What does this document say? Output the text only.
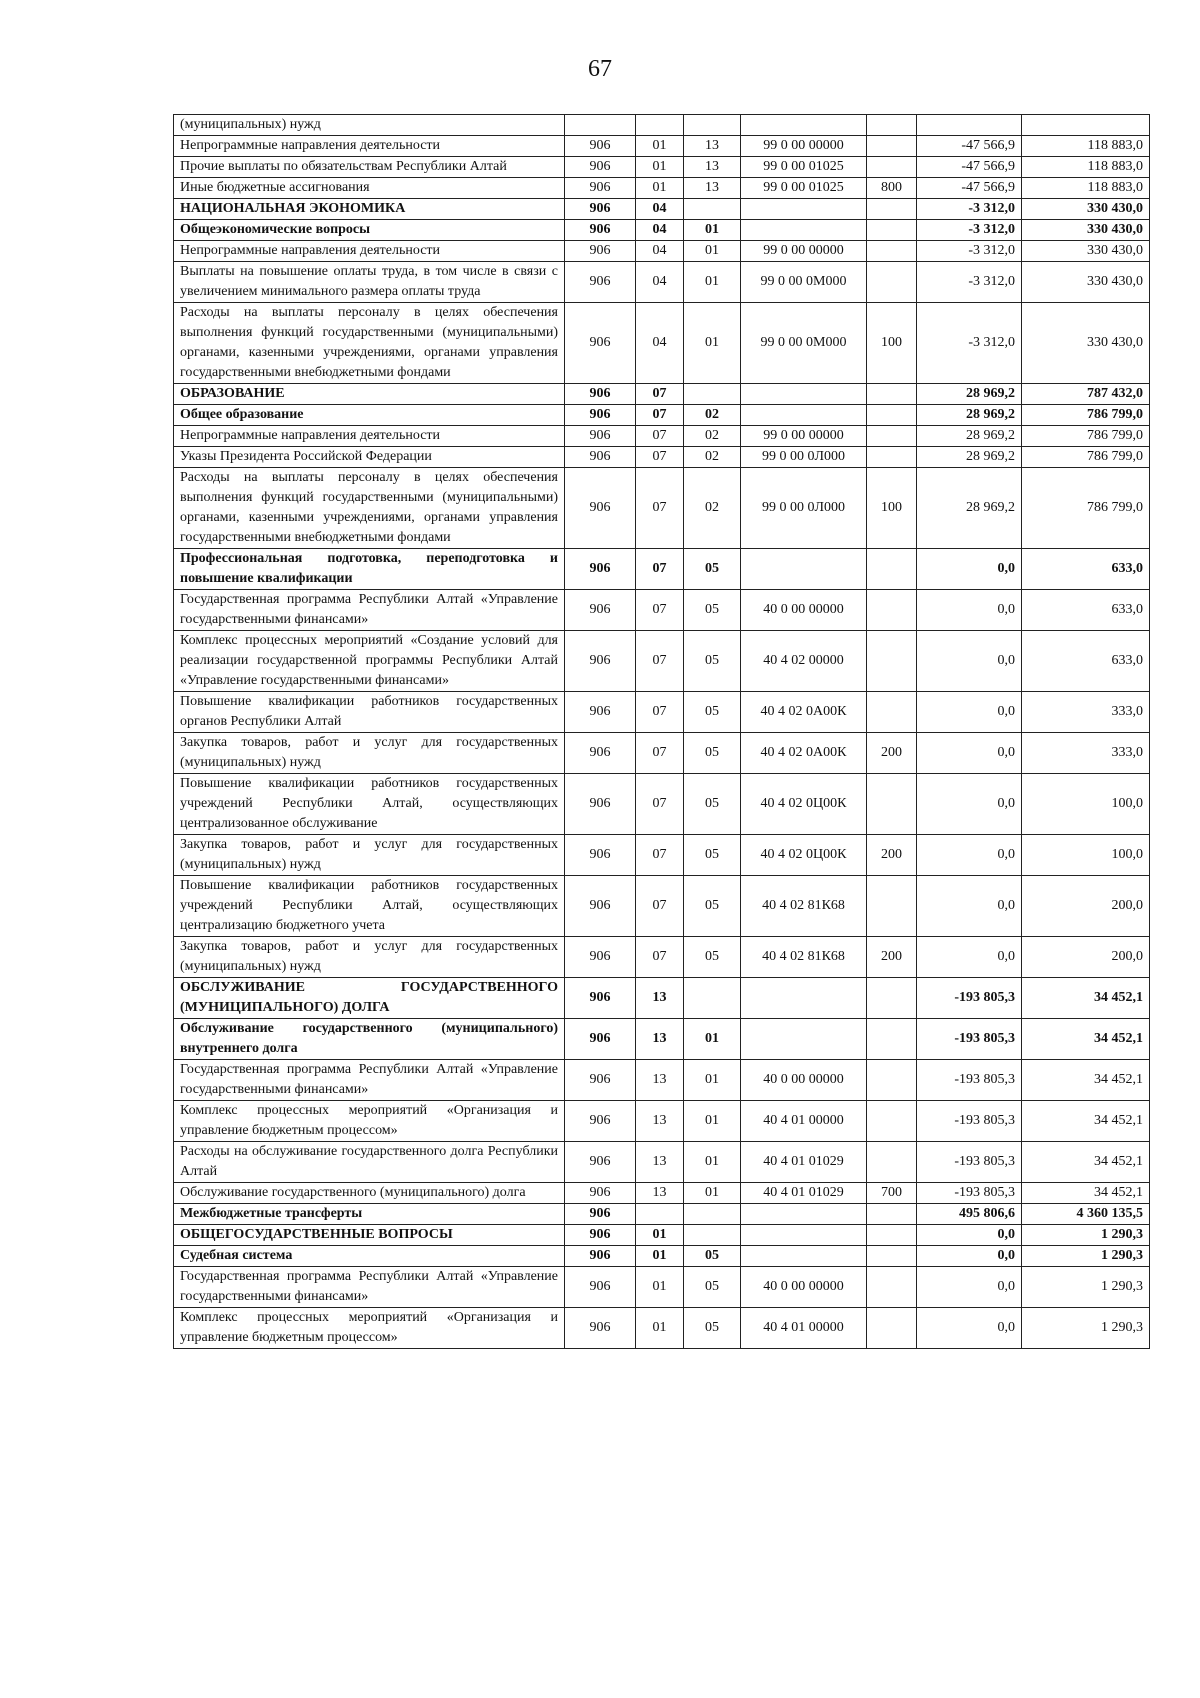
67
(муниципальных) нужд							
Непрограммные направления деятельности	906	01	13	99 0 00 00000		-47 566,9	118 883,0
Прочие выплаты по обязательствам Республики Алтай	906	01	13	99 0 00 01025		-47 566,9	118 883,0
Иные бюджетные ассигнования	906	01	13	99 0 00 01025	800	-47 566,9	118 883,0
НАЦИОНАЛЬНАЯ ЭКОНОМИКА	906	04				-3 312,0	330 430,0
Общеэкономические вопросы	906	04	01			-3 312,0	330 430,0
Непрограммные направления деятельности	906	04	01	99 0 00 00000		-3 312,0	330 430,0
Выплаты на повышение оплаты труда, в том числе в связи с увеличением минимального размера оплаты труда	906	04	01	99 0 00 0М000		-3 312,0	330 430,0
Расходы на выплаты персоналу в целях обеспечения выполнения функций государственными (муниципальными) органами, казенными учреждениями, органами управления государственными внебюджетными фондами	906	04	01	99 0 00 0М000	100	-3 312,0	330 430,0
ОБРАЗОВАНИЕ	906	07				28 969,2	787 432,0
Общее образование	906	07	02			28 969,2	786 799,0
Непрограммные направления деятельности	906	07	02	99 0 00 00000		28 969,2	786 799,0
Указы Президента Российской Федерации	906	07	02	99 0 00 0Л000		28 969,2	786 799,0
Расходы на выплаты персоналу в целях обеспечения выполнения функций государственными (муниципальными) органами, казенными учреждениями, органами управления государственными внебюджетными фондами	906	07	02	99 0 00 0Л000	100	28 969,2	786 799,0
Профессиональная подготовка, переподготовка и повышение квалификации	906	07	05			0,0	633,0
Государственная программа Республики Алтай «Управление государственными финансами»	906	07	05	40 0 00 00000		0,0	633,0
Комплекс процессных мероприятий «Создание условий для реализации государственной программы Республики Алтай «Управление государственными финансами»	906	07	05	40 4 02 00000		0,0	633,0
Повышение квалификации работников государственных органов Республики Алтай	906	07	05	40 4 02 0А00К		0,0	333,0
Закупка товаров, работ и услуг для государственных (муниципальных) нужд	906	07	05	40 4 02 0А00К	200	0,0	333,0
Повышение квалификации работников государственных учреждений Республики Алтай, осуществляющих централизованное обслуживание	906	07	05	40 4 02 0Ц00К		0,0	100,0
Закупка товаров, работ и услуг для государственных (муниципальных) нужд	906	07	05	40 4 02 0Ц00К	200	0,0	100,0
Повышение квалификации работников государственных учреждений Республики Алтай, осуществляющих централизацию бюджетного учета	906	07	05	40 4 02 81К68		0,0	200,0
Закупка товаров, работ и услуг для государственных (муниципальных) нужд	906	07	05	40 4 02 81К68	200	0,0	200,0
ОБСЛУЖИВАНИЕ ГОСУДАРСТВЕННОГО (МУНИЦИПАЛЬНОГО) ДОЛГА	906	13				-193 805,3	34 452,1
Обслуживание государственного (муниципального) внутреннего долга	906	13	01			-193 805,3	34 452,1
Государственная программа Республики Алтай «Управление государственными финансами»	906	13	01	40 0 00 00000		-193 805,3	34 452,1
Комплекс процессных мероприятий «Организация и управление бюджетным процессом»	906	13	01	40 4 01 00000		-193 805,3	34 452,1
Расходы на обслуживание государственного долга Республики Алтай	906	13	01	40 4 01 01029		-193 805,3	34 452,1
Обслуживание государственного (муниципального) долга	906	13	01	40 4 01 01029	700	-193 805,3	34 452,1
Межбюджетные трансферты	906					495 806,6	4 360 135,5
ОБЩЕГОСУДАРСТВЕННЫЕ ВОПРОСЫ	906	01				0,0	1 290,3
Судебная система	906	01	05			0,0	1 290,3
Государственная программа Республики Алтай «Управление государственными финансами»	906	01	05	40 0 00 00000		0,0	1 290,3
Комплекс процессных мероприятий «Организация и управление бюджетным процессом»	906	01	05	40 4 01 00000		0,0	1 290,3
